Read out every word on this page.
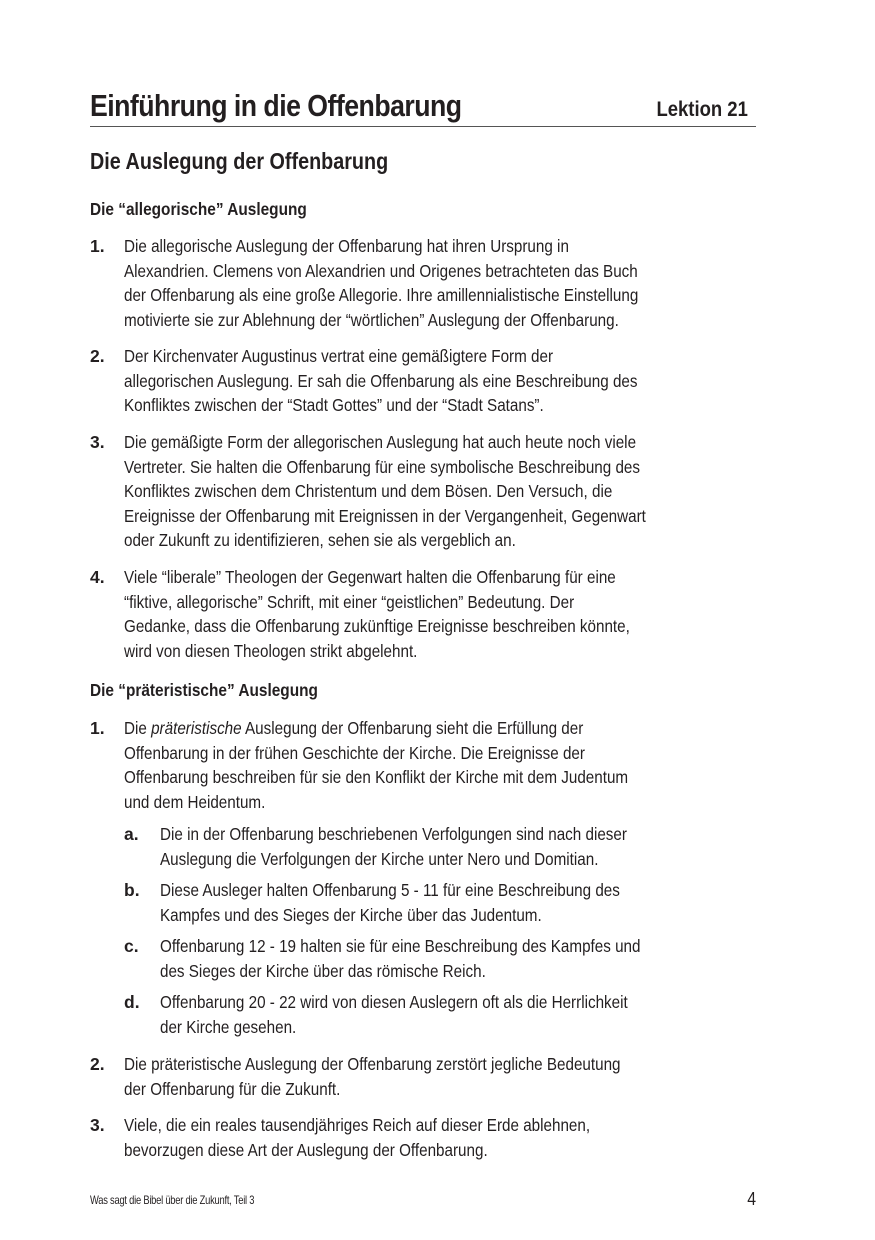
Einführung in die Offenbarung	Lektion 21
Die Auslegung der Offenbarung
Die “allegorische” Auslegung
1. Die allegorische Auslegung der Offenbarung hat ihren Ursprung in
Alexandrien. Clemens von Alexandrien und Origenes betrachteten das Buch
der Offenbarung als eine große Allegorie. Ihre amillennialistische Einstellung
motivierte sie zur Ablehnung der “wörtlichen” Auslegung der Offenbarung.
2. Der Kirchenvater Augustinus vertrat eine gemäßigtere Form der
allegorischen Auslegung. Er sah die Offenbarung als eine Beschreibung des
Konfliktes zwischen der “Stadt Gottes” und der “Stadt Satans”.
3. Die gemäßigte Form der allegorischen Auslegung hat auch heute noch viele
Vertreter. Sie halten die Offenbarung für eine symbolische Beschreibung des
Konfliktes zwischen dem Christentum und dem Bösen. Den Versuch, die
Ereignisse der Offenbarung mit Ereignissen in der Vergangenheit, Gegenwart
oder Zukunft zu identifizieren, sehen sie als vergeblich an.
4. Viele “liberale” Theologen der Gegenwart halten die Offenbarung für eine
“fiktive, allegorische” Schrift, mit einer “geistlichen” Bedeutung. Der
Gedanke, dass die Offenbarung zukünftige Ereignisse beschreiben könnte,
wird von diesen Theologen strikt abgelehnt.
Die “präteristische” Auslegung
1. Die präteristische Auslegung der Offenbarung sieht die Erfüllung der
Offenbarung in der frühen Geschichte der Kirche. Die Ereignisse der
Offenbarung beschreiben für sie den Konflikt der Kirche mit dem Judentum
und dem Heidentum.
a. Die in der Offenbarung beschriebenen Verfolgungen sind nach dieser
Auslegung die Verfolgungen der Kirche unter Nero und Domitian.
b. Diese Ausleger halten Offenbarung 5 - 11 für eine Beschreibung des
Kampfes und des Sieges der Kirche über das Judentum.
c. Offenbarung 12 - 19 halten sie für eine Beschreibung des Kampfes und
des Sieges der Kirche über das römische Reich.
d. Offenbarung 20 - 22 wird von diesen Auslegern oft als die Herrlichkeit
der Kirche gesehen.
2. Die präteristische Auslegung der Offenbarung zerstört jegliche Bedeutung
der Offenbarung für die Zukunft.
3. Viele, die ein reales tausendjähriges Reich auf dieser Erde ablehnen,
bevorzugen diese Art der Auslegung der Offenbarung.
Was sagt die Bibel über die Zukunft, Teil 3	4
